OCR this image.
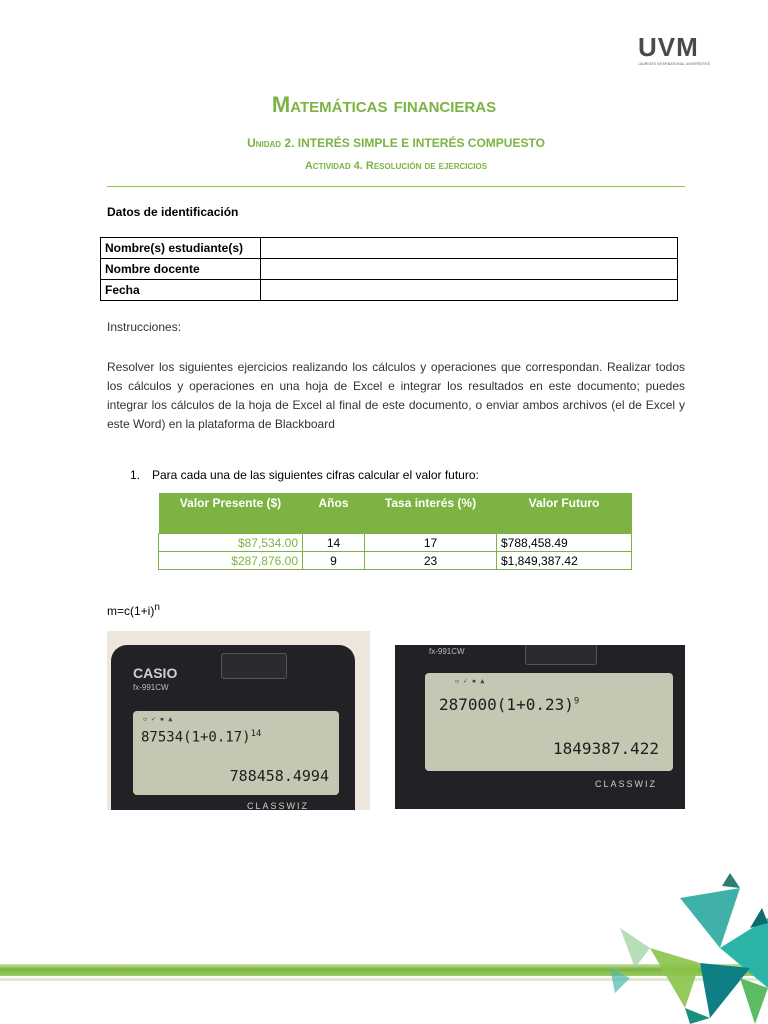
UVM
LAUREATE INTERNATIONAL UNIVERSITIES
Matemáticas financieras
Unidad 2. INTERÉS SIMPLE E INTERÉS COMPUESTO
Actividad 4. Resolución de ejercicios
Datos de identificación
Nombre(s) estudiante(s)	
Nombre docente	
Fecha	
Instrucciones:
Resolver los siguientes ejercicios realizando los cálculos y operaciones que correspondan. Realizar todos los cálculos y operaciones en una hoja de Excel e integrar los resultados en este documento; puedes integrar los cálculos de la hoja de Excel al final de este documento, o enviar ambos archivos (el de Excel y este Word) en la plataforma de Blackboard
1. Para cada una de las siguientes cifras calcular el valor futuro:
Valor Presente ($)	Años	Tasa interés (%)	Valor Futuro
$87,534.00	14	17	$788,458.49
$287,876.00	9	23	$1,849,387.42
$m=c(1+i)^n$
CASIO
fx-991CW
▫ ✓ ▪ ▲
$87534(1+0.17)^{14}$
788458.4994
CLASSWIZ
fx-991CW
▫ ✓ ▪ ▲
$287000(1+0.23)^9$
1849387.422
CLASSWIZ
